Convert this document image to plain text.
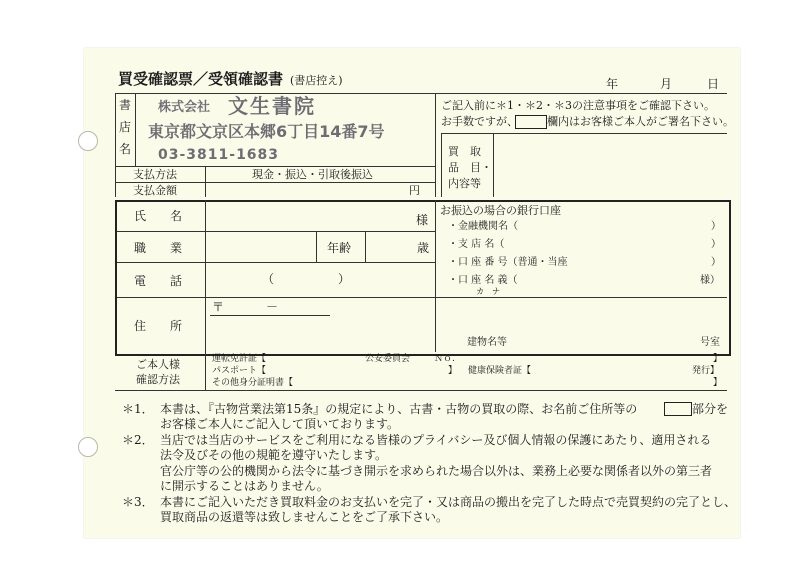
買受確認票／受領確認書 (書店控え)	年	月	日
書
店
名
株式会社 文生書院
東京都文京区本郷6丁目14番7号
03-3811-1683
支払方法	現金・振込・引取後振込
支払金額	円
ご記入前に＊1・＊2・＊3の注意事項をご確認下さい。
お手数ですが、	欄内はお客様ご本人がご署名下さい。
買　取
品　目・
内容等
氏　　名	様
職　　業	年齢	歳
電　　話	（	）
住　　所
〒	－
建物名等	号室
お振込の場合の銀行口座
・金融機関名（	）
・支 店 名（	）
・口 座 番 号（普通・当座	）
・口 座 名 義（
カ　ナ
様）
ご本人様
確認方法
運転免許証【	公安委員会	Ｎｏ.	】
パスポート【	】 健康保険者証【	発行】
その他身分証明書【	】
＊1． 本書は、『古物営業法第15条』の規定により、古書・古物の買取の際、お名前ご住所等の	部分を
お客様ご本人にご記入して頂いております。
＊2． 当店では当店のサービスをご利用になる皆様のプライバシー及び個人情報の保護にあたり、適用される
法令及びその他の規範を遵守いたします。
官公庁等の公的機関から法令に基づき開示を求められた場合以外は、業務上必要な関係者以外の第三者
に開示することはありません。
＊3． 本書にご記入いただき買取料金のお支払いを完了・又は商品の搬出を完了した時点で売買契約の完了とし、
買取商品の返還等は致しませんことをご了承下さい。
